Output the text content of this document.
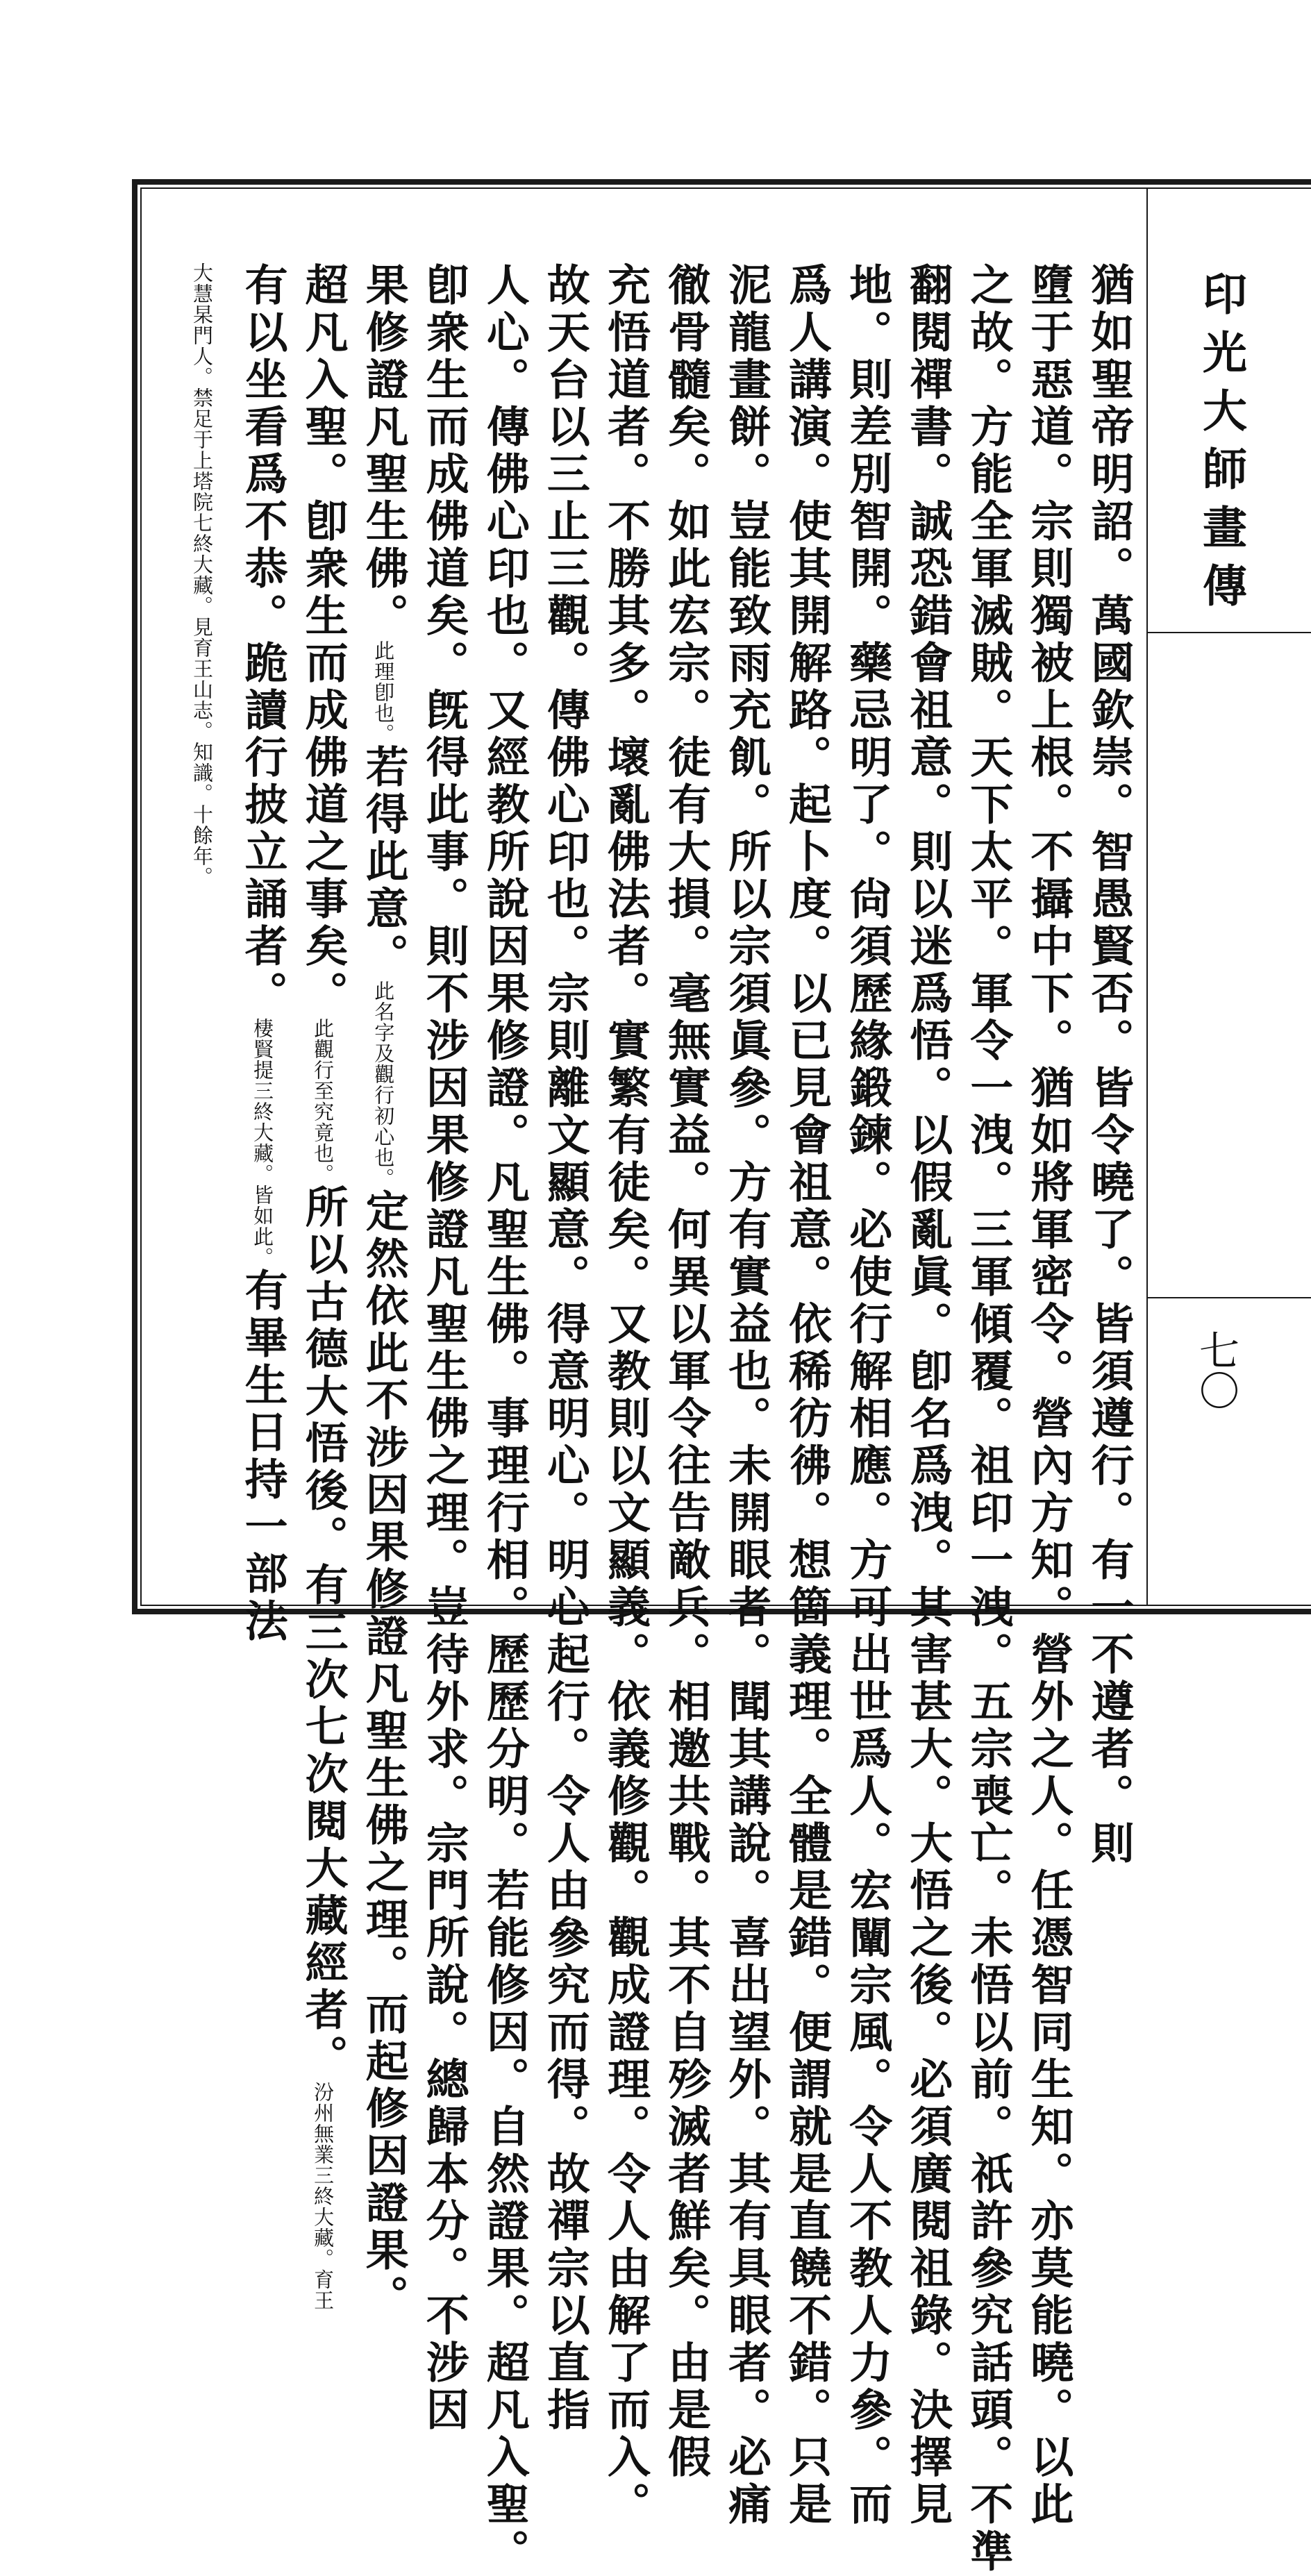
印光大師畫傳
七〇
猶如聖帝明詔。萬國欽崇。智愚賢否。皆令曉了。皆須遵行。有一不遵者。則
墮于惡道。宗則獨被上根。不攝中下。猶如將軍密令。營內方知。營外之人。任憑智同生知。亦莫能曉。以此
之故。方能全軍滅賊。天下太平。軍令一洩。三軍傾覆。祖印一洩。五宗喪亡。未悟以前。祇許參究話頭。不準
翻閱禪書。誠恐錯會祖意。則以迷爲悟。以假亂眞。卽名爲洩。其害甚大。大悟之後。必須廣閱祖錄。決擇見
地。則差別智開。藥忌明了。尙須歷緣鍛鍊。必使行解相應。方可出世爲人。宏闡宗風。令人不教人力參。而
爲人講演。使其開解路。起卜度。以已見會祖意。依稀彷彿。想箇義理。全體是錯。便謂就是直饒不錯。只是
泥龍畫餅。豈能致雨充飢。所以宗須眞參。方有實益也。未開眼者。聞其講說。喜出望外。其有具眼者。必痛
徹骨髓矣。如此宏宗。徒有大損。毫無實益。何異以軍令往告敵兵。相邀共戰。其不自殄滅者鮮矣。由是假
充悟道者。不勝其多。壞亂佛法者。實繁有徒矣。又教則以文顯義。依義修觀。觀成證理。令人由解了而入。
故天台以三止三觀。傳佛心印也。宗則離文顯意。得意明心。明心起行。令人由參究而得。故禪宗以直指
人心。傳佛心印也。又經教所說因果修證。凡聖生佛。事理行相。歷歷分明。若能修因。自然證果。超凡入聖。
卽衆生而成佛道矣。旣得此事。則不涉因果修證凡聖生佛之理。豈待外求。宗門所說。總歸本分。不涉因
果修證凡聖生佛。此理卽也。若得此意。此名字及觀行初心也。定然依此不涉因果修證凡聖生佛之理。而起修因證果。
超凡入聖。卽衆生而成佛道之事矣。此觀行至究竟也。所以古德大悟後。有三次七次閱大藏經者。汾州無業三終大藏。育王
有以坐看爲不恭。跪讀行披立誦者。棲賢提三終大藏。皆如此。有畢生日持一部法
大慧杲門人。禁足于上塔院七終大藏。見育王山志。知識。十餘年。
